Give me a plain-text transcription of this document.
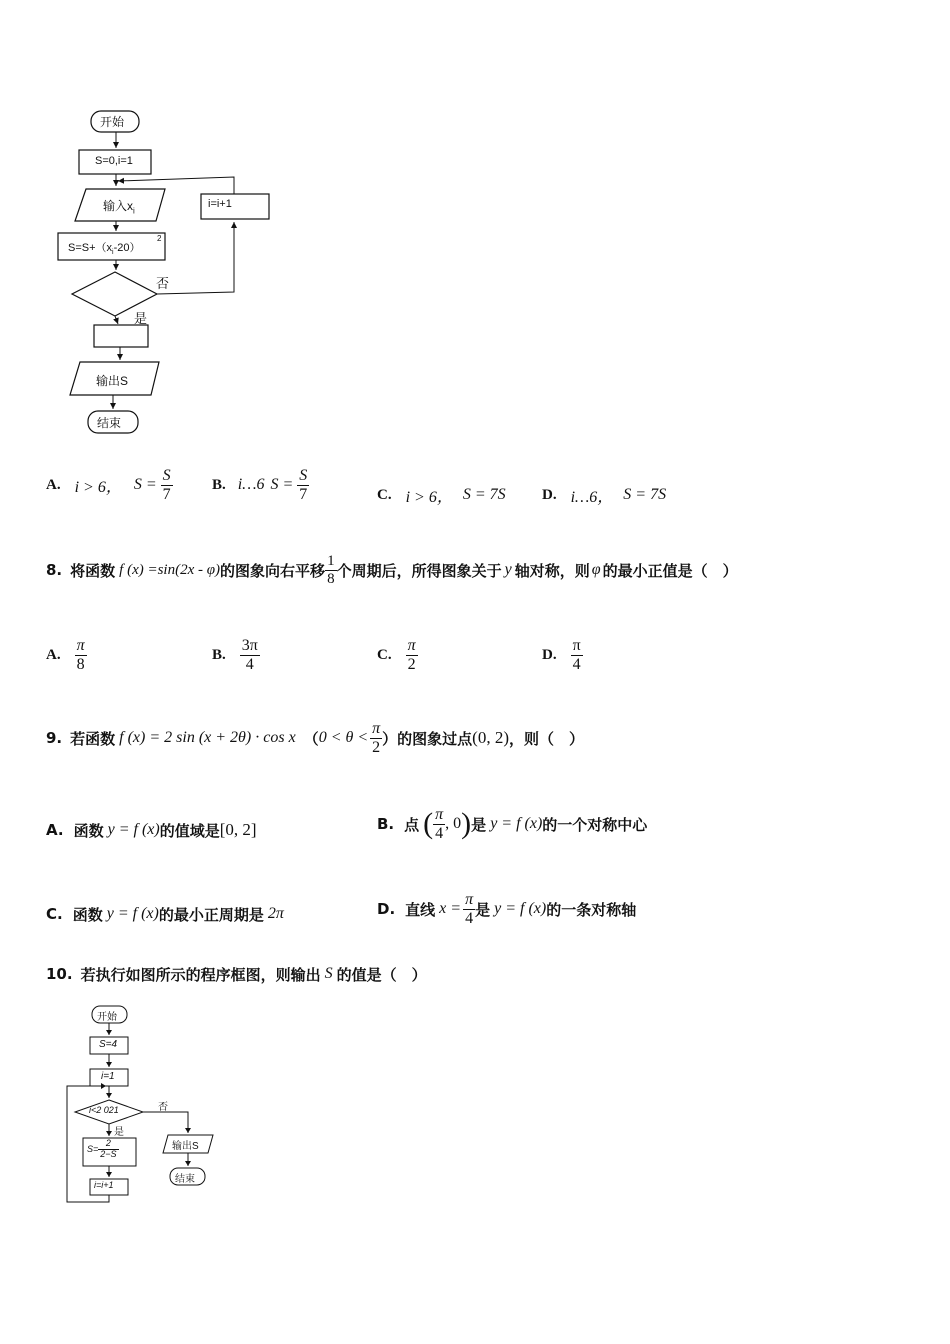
开始
S=0,i=1
输入$x_i$
$S=S+(x_i-20)$
2
i=i+1
否
是
输出S
结束
A. i > 6， $S = \frac{S}{7}$	B. i…6 $S = \frac{S}{7}$	C. i > 6， S = 7S D. i…6， S = 7S
8. 将函数 f (x) =sin(2x - φ) 的图象向右平移 $\frac{1}{8}$ 个周期后，所得图象关于 y 轴对称，则 φ 的最小正值是（　）
A. $\frac{\pi}{8}$	B. $\frac{3\pi}{4}$	C. $\frac{\pi}{2}$	D. $\frac{\pi}{4}$
9. 若函数 f (x) = 2 sin (x + 2θ) · cos x （ $0 < \theta < \frac{\pi}{2}$ ）的图象过点 (0, 2) ，则（　）
A. 函数 y = f (x) 的值域是 [0, 2]	B. 点 ( $\frac{\pi}{4}$ , 0 ) 是 y = f (x) 的一个对称中心
C. 函数 y = f (x) 的最小正周期是 2π	D. 直线 $x = \frac{\pi}{4}$ 是 y = f (x) 的一条对称轴
10. 若执行如图所示的程序框图，则输出 S 的值是（　）
开始
S=4
i=1
i<2 021	否
是
$S= \frac{2}{2-S}$	输出S
i=i+1	结束
